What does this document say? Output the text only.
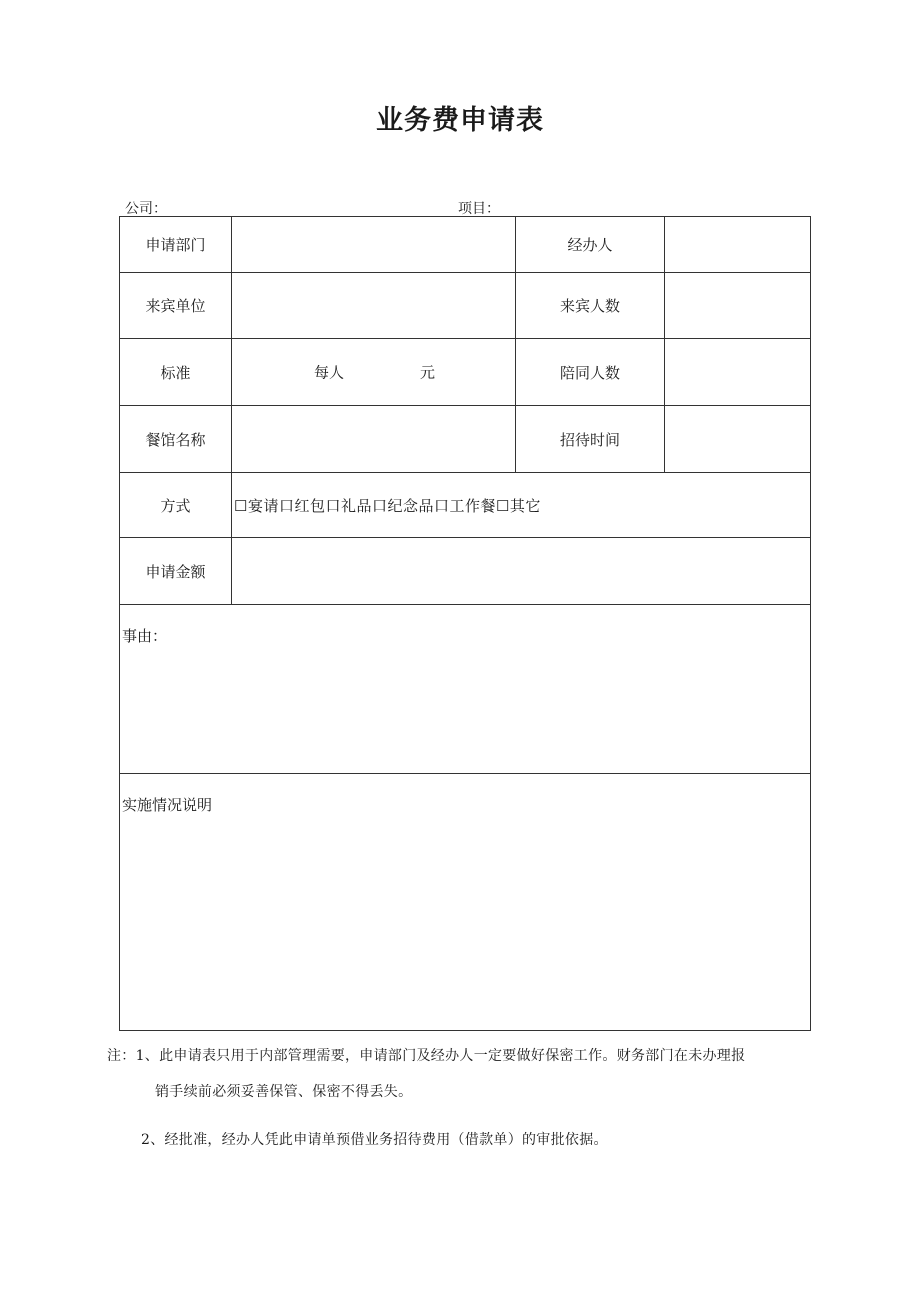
业务费申请表
公司：	项目：
申请部门		经办人	
来宾单位		来宾人数	
标准	每人 元	陪同人数	
餐馆名称		招待时间	
方式	☐宴请口红包口礼品口纪念品口工作餐☐其它		
申请金额			
事由：			
实施情况说明			
注：1、此申请表只用于内部管理需要，申请部门及经办人一定要做好保密工作。财务部门在未办理报
销手续前必须妥善保管、保密不得丢失。
2、经批准，经办人凭此申请单预借业务招待费用（借款单）的审批依据。
